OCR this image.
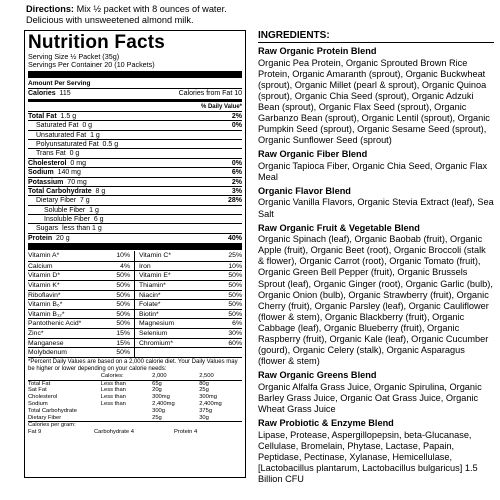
Directions: Mix ½ packet with 8 ounces of water.
Delicious with unsweetened almond milk.
Nutrition Facts
Serving Size ½ Packet (35g)
Servings Per Container 20 (10 Packets)
Amount Per Serving
Calories 115	Calories from Fat 10
% Daily Value*
Total Fat 1.5 g	2%
Saturated Fat 0 g	0%
Unsaturated Fat 1 g
Polyunsaturated Fat 0.5 g
Trans Fat 0 g
Cholesterol 0 mg	0%
Sodium 140 mg	6%
Potassium 70 mg	2%
Total Carbohydrate 8 g	3%
Dietary Fiber 7 g	28%
Soluble Fiber 1 g
Insoluble Fiber 6 g
Sugars less than 1 g
Protein 20 g	40%
Vitamin A*	10% Vitamin C*	25%
Calcium	4% Iron	10%
Vitamin D*	50% Vitamin E*	50%
Vitamin K*	50% Thiamin*	50%
Riboflavin*	50% Niacin*	50%
Vitamin B₆*	50% Folate*	50%
Vitamin B₁₂*	50% Biotin*	50%
Pantothenic Acid*	50% Magnesium	6%
Zinc*	15% Selenium	30%
Manganese	15% Chromium*	60%
Molybdenum	50%
*Percent Daily Values are based on a 2,000 calorie diet. Your Daily Values may be higher or lower depending on your calorie needs:
	Calories:	2,000	2,500
Total Fat	Less than	65g	80g
Sat Fat	Less than	20g	25g
Cholesterol	Less than	300mg	300mg
Sodium	Less than	2,400mg	2,400mg
Total Carbohydrate		300g	375g
Dietary Fiber		25g	30g
Calories per gram:
Fat 9	Carbohydrate 4	Protein 4
INGREDIENTS:
Raw Organic Protein Blend

Organic Pea Protein, Organic Sprouted Brown Rice Protein, Organic Amaranth (sprout), Organic Buckwheat (sprout), Organic Millet (pearl & sprout), Organic Quinoa (sprout), Organic Chia Seed (sprout), Organic Adzuki Bean (sprout), Organic Flax Seed (sprout), Organic Garbanzo Bean (sprout), Organic Lentil (sprout), Organic Pumpkin Seed (sprout), Organic Sesame Seed (sprout), Organic Sunflower Seed (sprout)

Raw Organic Fiber Blend

Organic Tapioca Fiber, Organic Chia Seed, Organic Flax Meal

Organic Flavor Blend

Organic Vanilla Flavors, Organic Stevia Extract (leaf), Sea Salt

Raw Organic Fruit & Vegetable Blend

Organic Spinach (leaf), Organic Baobab (fruit), Organic Apple (fruit), Organic Beet (root), Organic Broccoli (stalk & flower), Organic Carrot (root), Organic Tomato (fruit), Organic Green Bell Pepper (fruit), Organic Brussels Sprout (leaf), Organic Ginger (root), Organic Garlic (bulb), Organic Onion (bulb), Organic Strawberry (fruit), Organic Cherry (fruit), Organic Parsley (leaf), Organic Cauliflower (flower & stem), Organic Blackberry (fruit), Organic Cabbage (leaf), Organic Blueberry (fruit), Organic Raspberry (fruit), Organic Kale (leaf), Organic Cucumber (gourd), Organic Celery (stalk), Organic Asparagus (flower & stem)

Raw Organic Greens Blend

Organic Alfalfa Grass Juice, Organic Spirulina, Organic Barley Grass Juice, Organic Oat Grass Juice, Organic Wheat Grass Juice

Raw Probiotic & Enzyme Blend

Lipase, Protease, Aspergillopepsin, beta-Glucanase, Cellulase, Bromelain, Phytase, Lactase, Papain, Peptidase, Pectinase, Xylanase, Hemicellulase, [Lactobacillus plantarum, Lactobacillus bulgaricus] 1.5 Billion CFU
